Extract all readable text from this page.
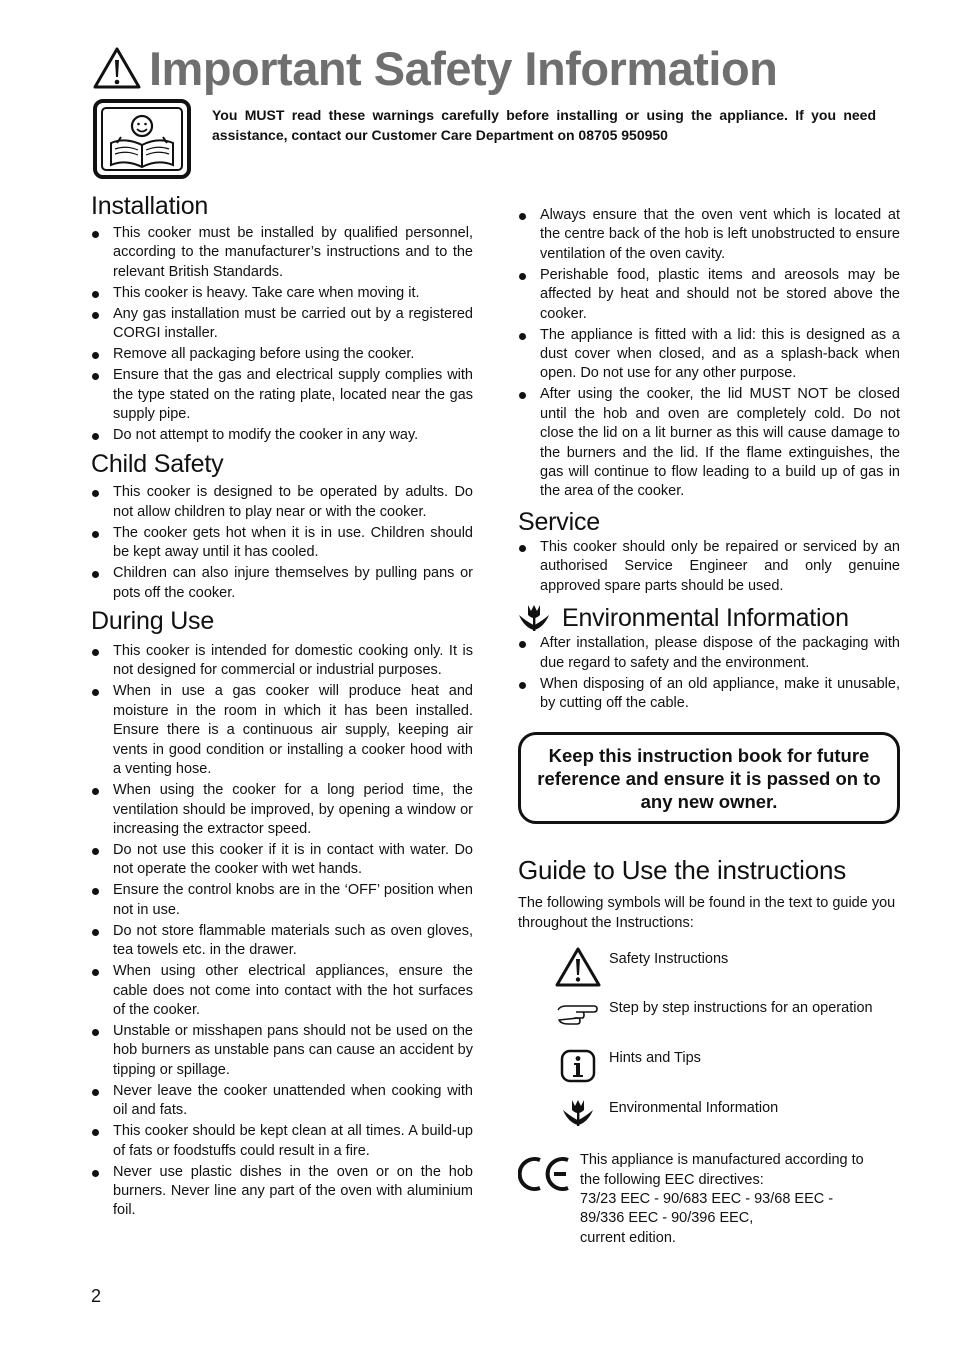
Important Safety Information
You MUST read these warnings carefully before installing or using the appliance. If you need assistance, contact our Customer Care Department on 08705 950950
Installation
This cooker must be installed by qualified personnel, according to the manufacturer’s instructions and to the relevant British Standards.
This cooker is heavy. Take care when moving it.
Any gas installation must be carried out by a registered CORGI installer.
Remove all packaging before using the cooker.
Ensure that the gas and electrical supply complies with the type stated on the rating plate, located near the gas supply pipe.
Do not attempt to modify the cooker in any way.
Child Safety
This cooker is designed to be operated by adults. Do not allow children to play near or with the cooker.
The cooker gets hot when it is in use. Children should be kept away until it has cooled.
Children can also injure themselves by pulling pans or pots off the cooker.
During Use
This cooker is intended for domestic cooking only. It is not designed for commercial or industrial purposes.
When in use a gas cooker will produce heat and moisture in the room in which it has been installed. Ensure there is a continuous air supply, keeping air vents in good condition or installing a cooker hood with a venting hose.
When using the cooker for a long period time, the ventilation should be improved, by opening a window or increasing the extractor speed.
Do not use this cooker if it is in contact with water. Do not operate the cooker with wet hands.
Ensure the control knobs are in the ‘OFF’ position when not in use.
Do not store flammable materials such as oven gloves, tea towels etc. in the drawer.
When using other electrical appliances, ensure the cable does not come into contact with the hot surfaces of the cooker.
Unstable or misshapen pans should not be used on the hob burners as unstable pans can cause an accident by tipping or spillage.
Never leave the cooker unattended when cooking with oil and fats.
This cooker should be kept clean at all times. A build-up of fats or foodstuffs could result in a fire.
Never use plastic dishes in the oven or on the hob burners. Never line any part of the oven with aluminium foil.
Always ensure that the oven vent which is located at the centre back of the hob is left unobstructed to ensure ventilation of the oven cavity.
Perishable food, plastic items and areosols may be affected by heat and should not be stored above the cooker.
The appliance is fitted with a lid: this is designed as a dust cover when closed, and as a splash-back when open. Do not use for any other purpose.
After using the cooker, the lid MUST NOT be closed until the hob and oven are completely cold. Do not close the lid on a lit burner as this will cause damage to the burners and the lid. If the flame extinguishes, the gas will continue to flow leading to a build up of gas in the area of the cooker.
Service
This cooker should only be repaired or serviced by an authorised Service Engineer and only genuine approved spare parts should be used.
Environmental Information
After installation, please dispose of the packaging with due regard to safety and the environment.
When disposing of an old appliance, make it unusable, by cutting off the cable.
Keep this instruction book for future reference and ensure it is passed on to any new owner.
Guide to Use the instructions
The following symbols will be found in the text to guide you throughout the Instructions:
Safety Instructions
Step by step instructions for an operation
Hints and Tips
Environmental Information
This appliance is manufactured according to
the following EEC directives:
73/23 EEC - 90/683 EEC - 93/68 EEC -
89/336 EEC - 90/396 EEC,
current edition.
2
